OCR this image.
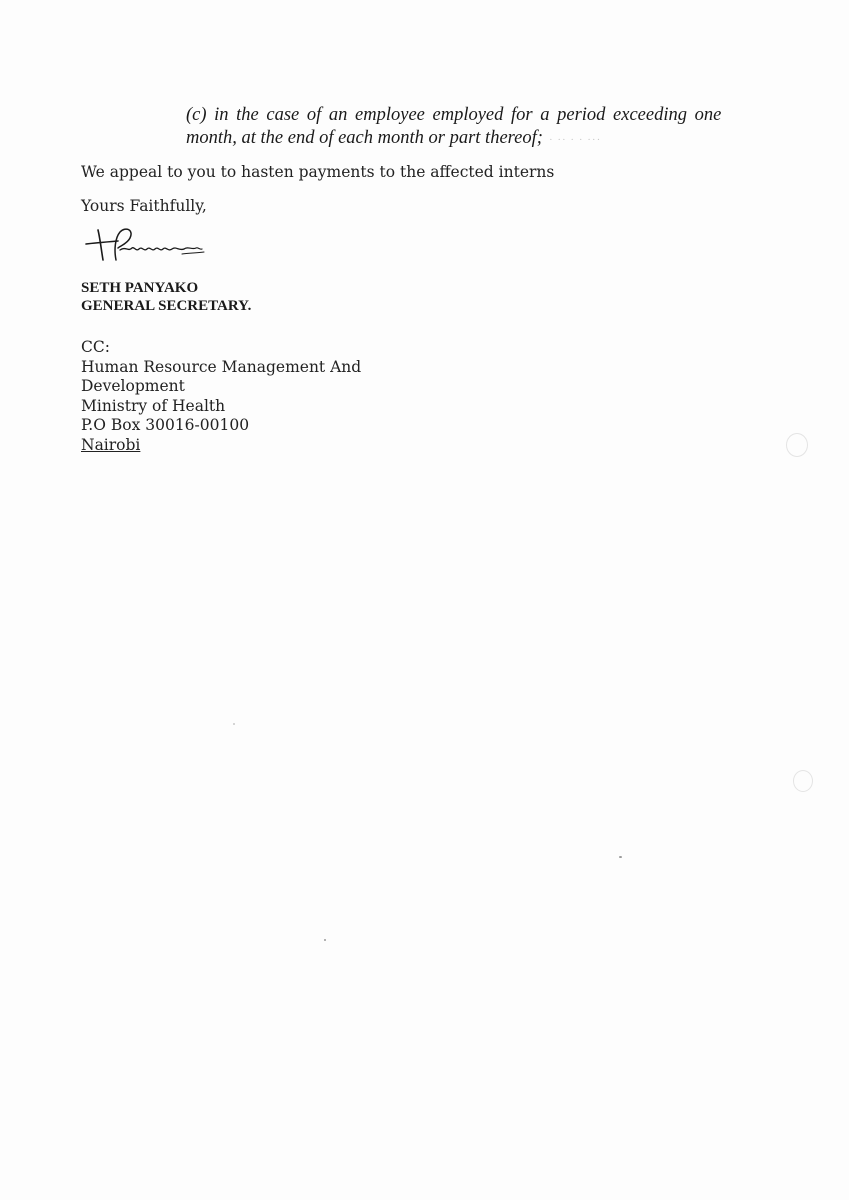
(c) in the case of an employee employed for a period exceeding one
month, at the end of each month or part thereof; · ·· · · ···
We appeal to you to hasten payments to the affected interns
Yours Faithfully,
SETH PANYAKO
GENERAL SECRETARY.
CC:
Human Resource Management And
Development
Ministry of Health
P.O Box 30016-00100
Nairobi
